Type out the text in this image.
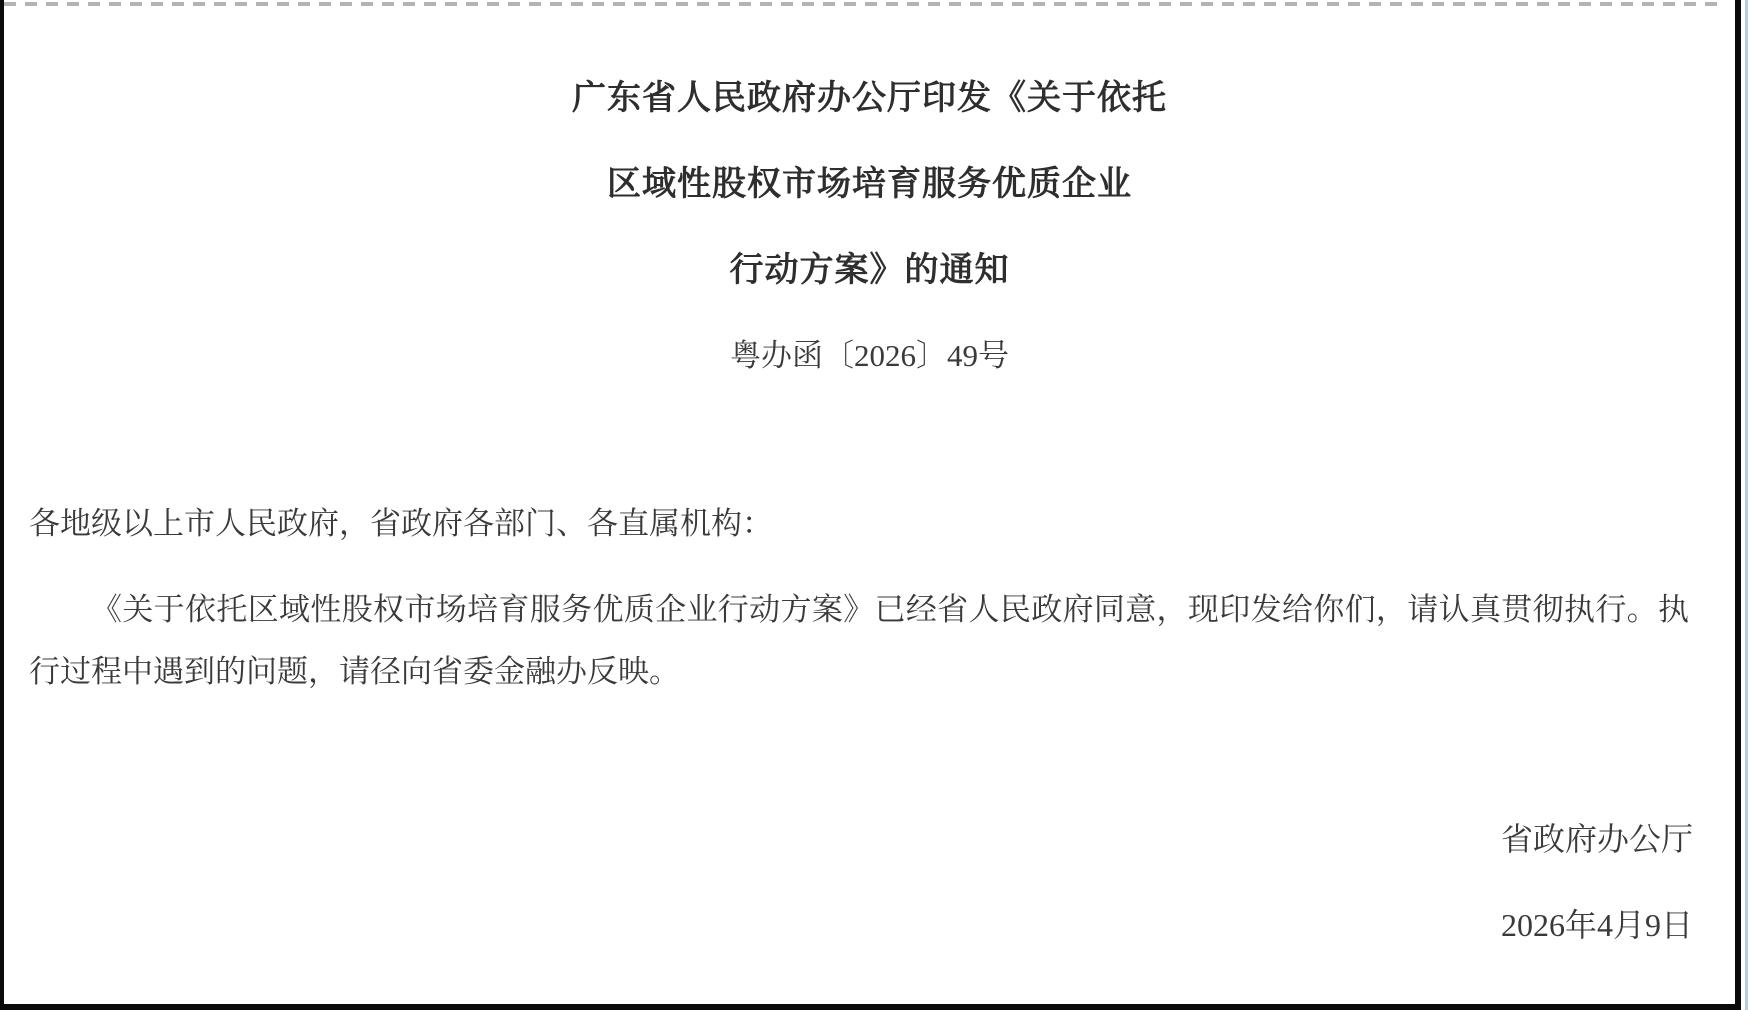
广东省人民政府办公厅印发《关于依托
区域性股权市场培育服务优质企业
行动方案》的通知
粤办函〔2026〕49号
各地级以上市人民政府，省政府各部门、各直属机构：

《关于依托区域性股权市场培育服务优质企业行动方案》已经省人民政府同意，现印发给你们，请认真贯彻执行。执行过程中遇到的问题，请径向省委金融办反映。

省政府办公厅
2026年4月9日
